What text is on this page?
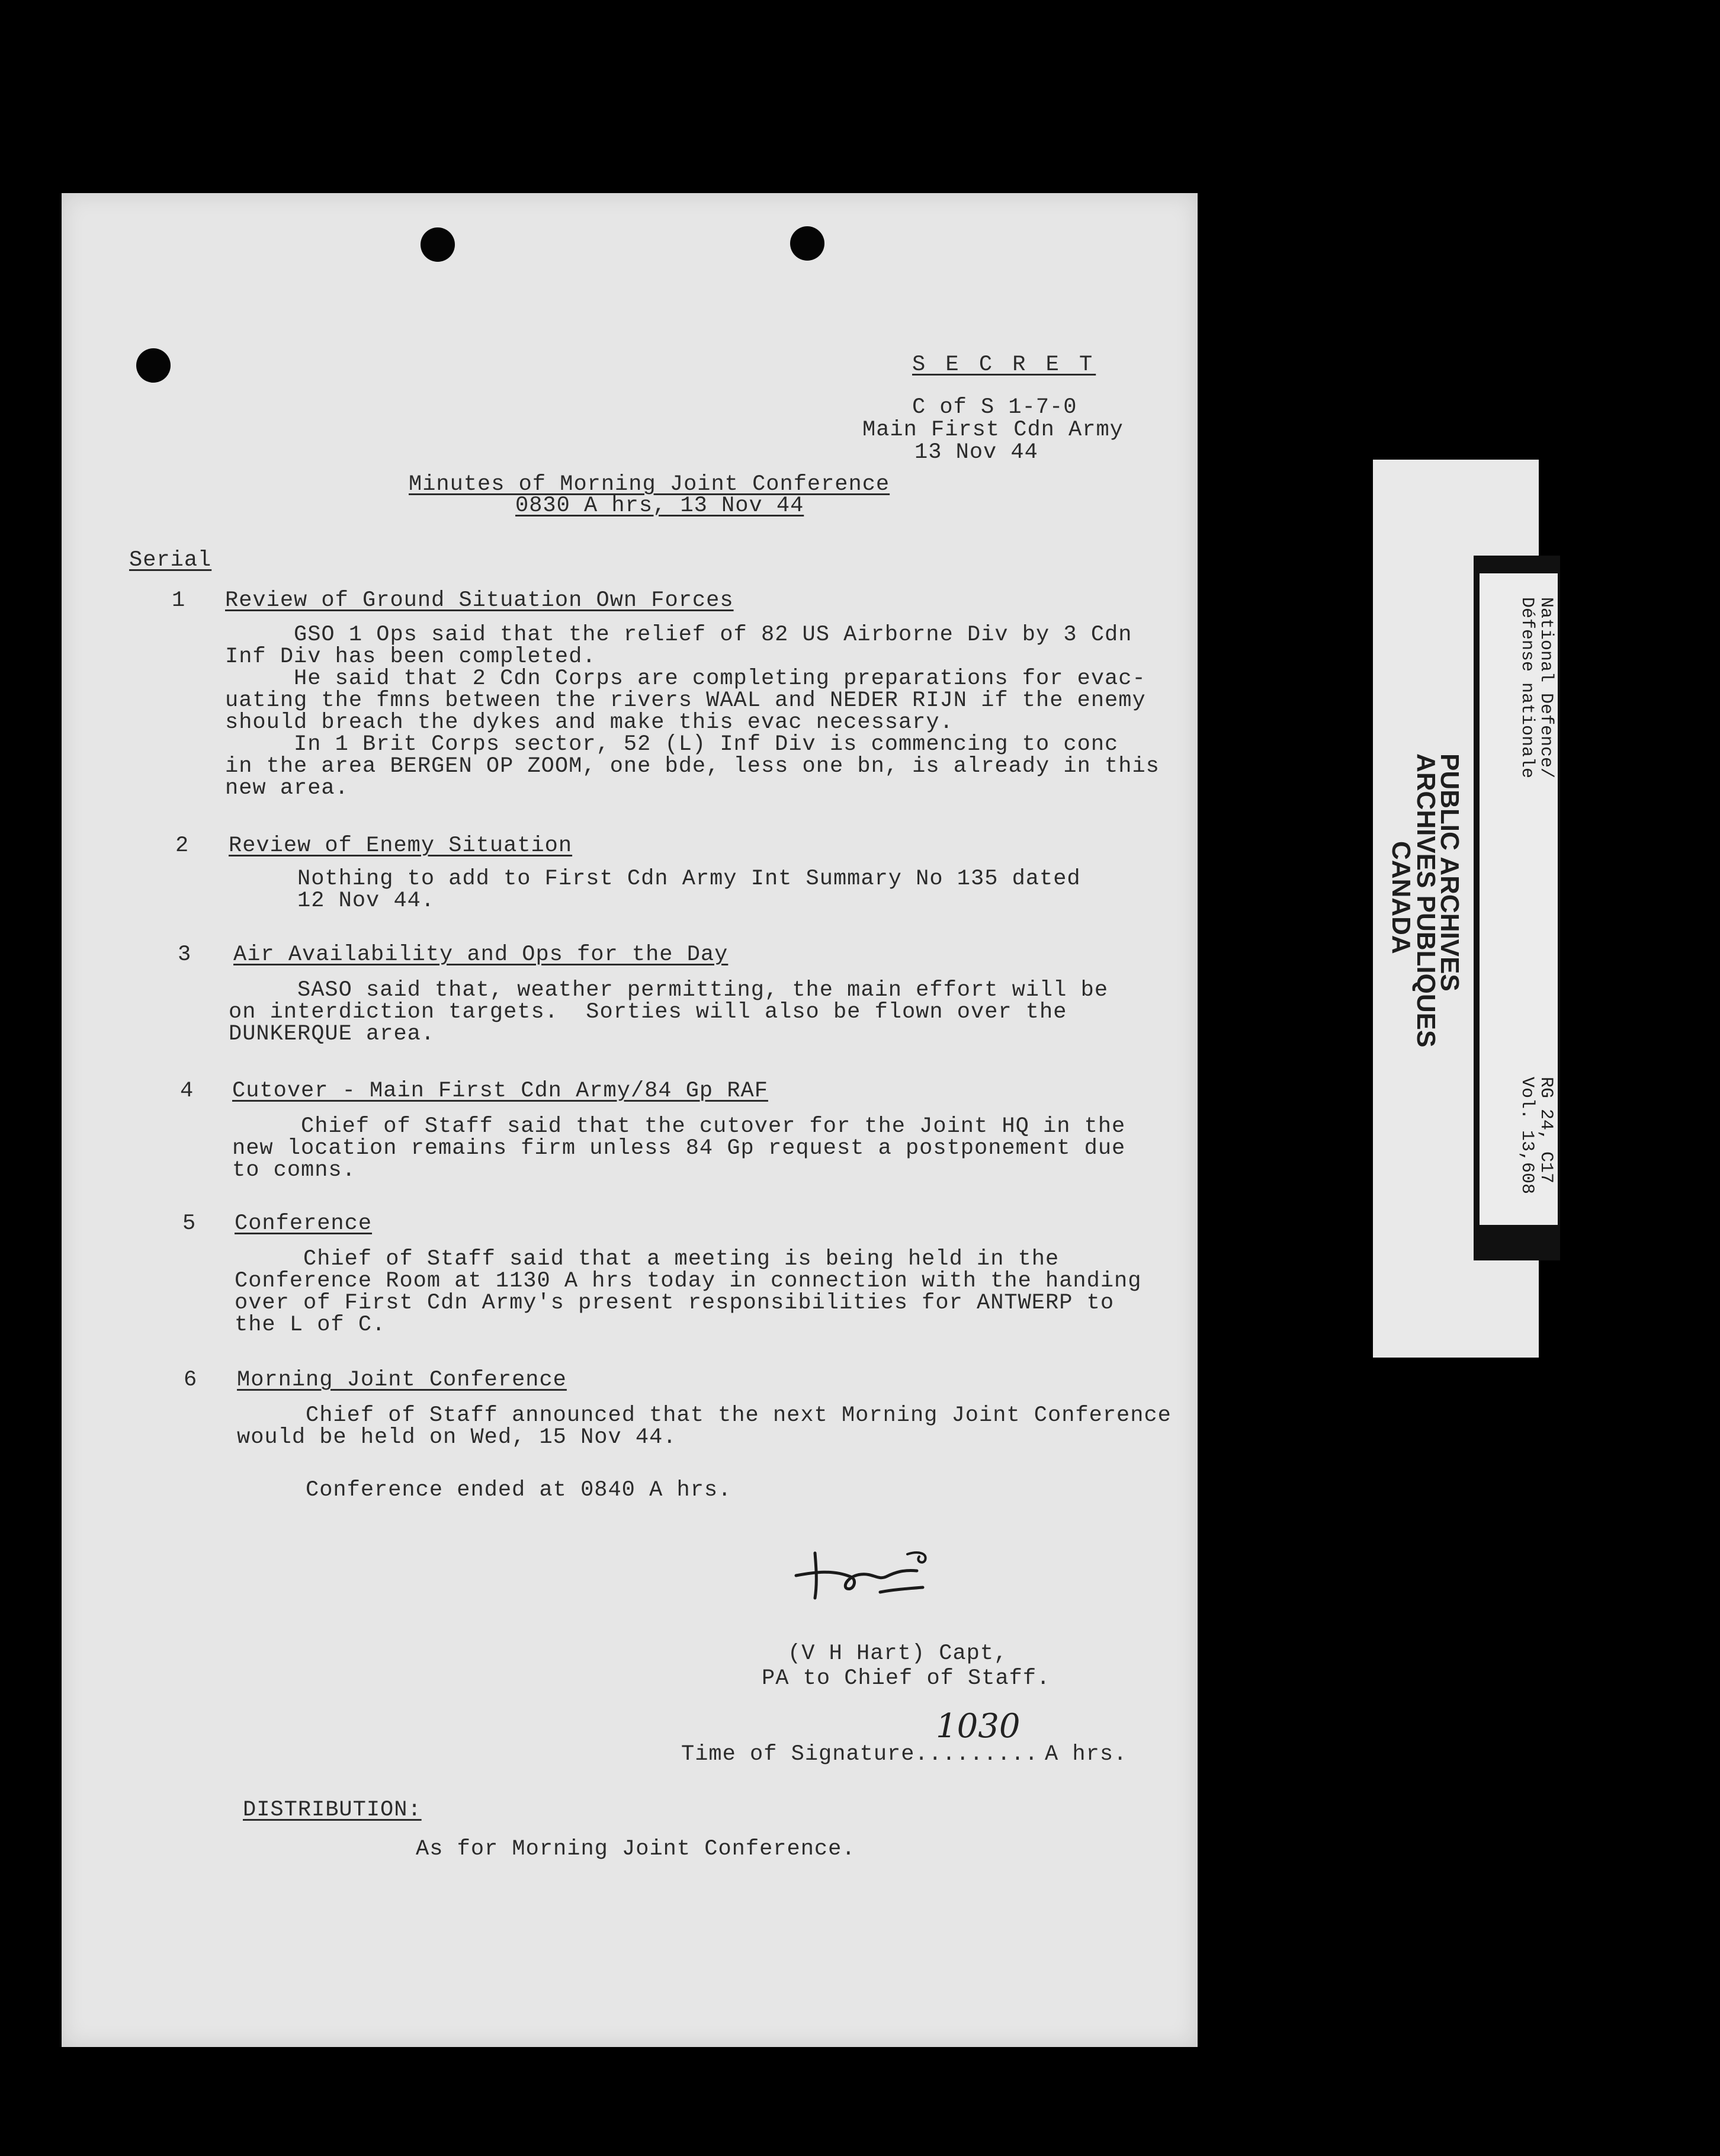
S E C R E T
C of S 1-7-0
Main First Cdn Army
13 Nov 44
Minutes of Morning Joint Conference
0830 A hrs, 13 Nov 44
Serial
1 Review of Ground Situation Own Forces
GSO 1 Ops said that the relief of 82 US Airborne Div by 3 Cdn
Inf Div has been completed.
He said that 2 Cdn Corps are completing preparations for evac-
uating the fmns between the rivers WAAL and NEDER RIJN if the enemy
should breach the dykes and make this evac necessary.
In 1 Brit Corps sector, 52 (L) Inf Div is commencing to conc
in the area BERGEN OP ZOOM, one bde, less one bn, is already in this
new area.
2 Review of Enemy Situation
Nothing to add to First Cdn Army Int Summary No 135 dated
12 Nov 44.
3 Air Availability and Ops for the Day
SASO said that, weather permitting, the main effort will be
on interdiction targets.  Sorties will also be flown over the
DUNKERQUE area.
4 Cutover - Main First Cdn Army/84 Gp RAF
Chief of Staff said that the cutover for the Joint HQ in the
new location remains firm unless 84 Gp request a postponement due
to comns.
5 Conference
Chief of Staff said that a meeting is being held in the
Conference Room at 1130 A hrs today in connection with the handing
over of First Cdn Army's present responsibilities for ANTWERP to
the L of C.
6 Morning Joint Conference
Chief of Staff announced that the next Morning Joint Conference
would be held on Wed, 15 Nov 44.
Conference ended at 0840 A hrs.
(V H Hart) Capt,
PA to Chief of Staff.
Time of Signature.........
1030
A hrs.
DISTRIBUTION:
As for Morning Joint Conference.
National Defence/
Défense nationale
RG 24, C17
Vol. 13,608
PUBLIC ARCHIVES
ARCHIVES PUBLIQUES
CANADA
